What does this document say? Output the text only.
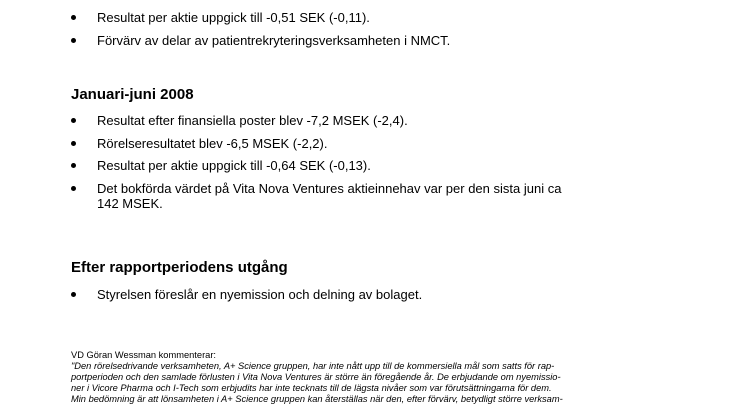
Resultat per aktie uppgick till -0,51 SEK (-0,11).
Förvärv av delar av patientrekryteringsverksamheten i NMCT.
Januari-juni 2008
Resultat efter finansiella poster blev -7,2 MSEK (-2,4).
Rörelseresultatet blev -6,5 MSEK (-2,2).
Resultat per aktie uppgick till -0,64 SEK (-0,13).
Det bokförda värdet på Vita Nova Ventures aktieinnehav var per den sista juni ca 142 MSEK.
Efter rapportperiodens utgång
Styrelsen föreslår en nyemission och delning av bolaget.
VD Göran Wessman kommenterar:
"Den rörelsedrivande verksamheten, A+ Science gruppen, har inte nått upp till de kommersiella mål som satts för rap-
portperioden och den samlade förlusten i Vita Nova Ventures är större än föregående år. De erbjudande om nyemissio-
ner i Vicore Pharma och I-Tech som erbjudits har inte tecknats till de lägsta nivåer som var förutsättningarna för dem.
Min bedömning är att lönsamheten i A+ Science gruppen kan återställas när den, efter förvärv, betydligt större verksam-
